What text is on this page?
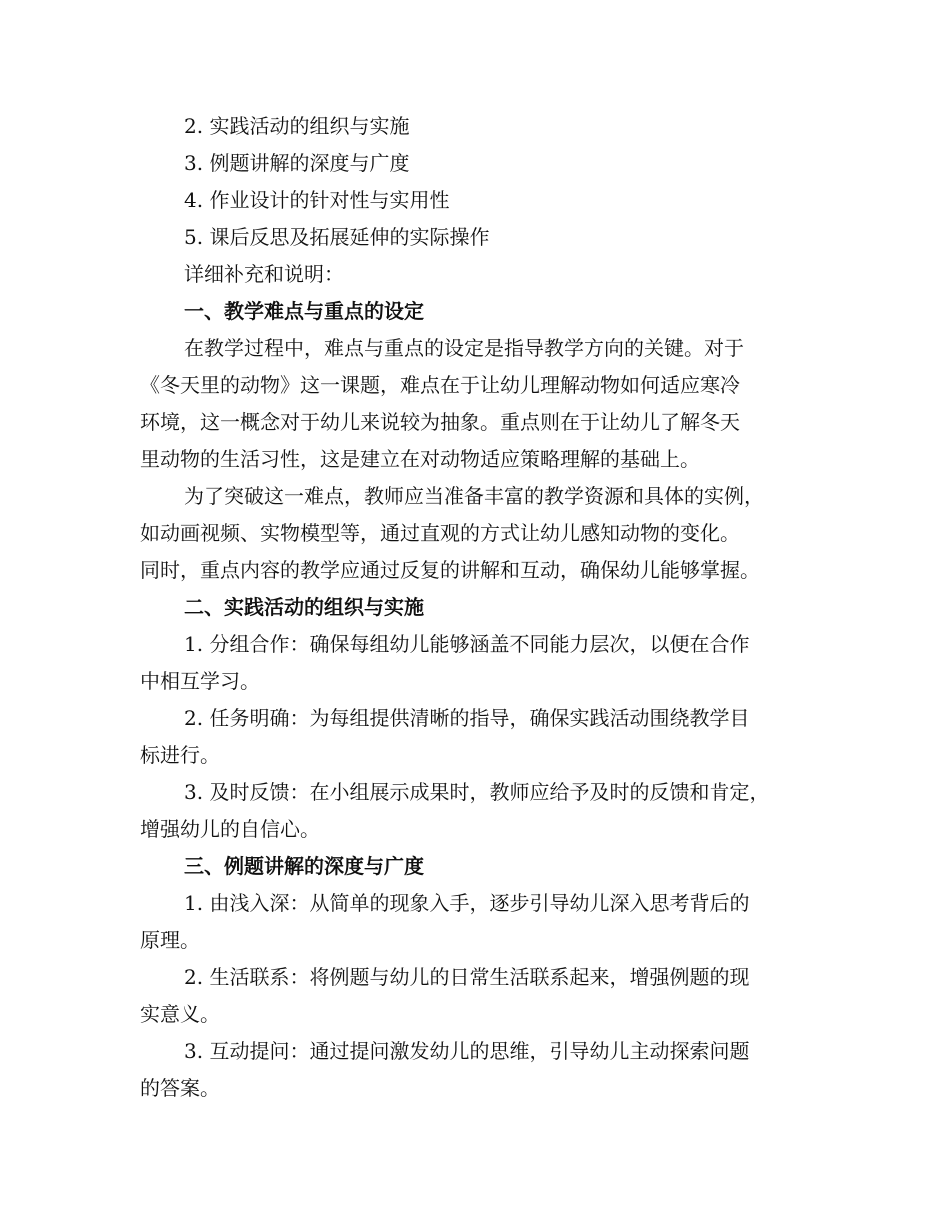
2. 实践活动的组织与实施

3. 例题讲解的深度与广度

4. 作业设计的针对性与实用性

5. 课后反思及拓展延伸的实际操作

详细补充和说明：

一、教学难点与重点的设定

在教学过程中，难点与重点的设定是指导教学方向的关键。对于

《冬天里的动物》这一课题，难点在于让幼儿理解动物如何适应寒冷

环境，这一概念对于幼儿来说较为抽象。重点则在于让幼儿了解冬天

里动物的生活习性，这是建立在对动物适应策略理解的基础上。

为了突破这一难点，教师应当准备丰富的教学资源和具体的实例，

如动画视频、实物模型等，通过直观的方式让幼儿感知动物的变化。

同时，重点内容的教学应通过反复的讲解和互动，确保幼儿能够掌握。

二、实践活动的组织与实施

1. 分组合作：确保每组幼儿能够涵盖不同能力层次，以便在合作

中相互学习。

2. 任务明确：为每组提供清晰的指导，确保实践活动围绕教学目

标进行。

3. 及时反馈：在小组展示成果时，教师应给予及时的反馈和肯定，

增强幼儿的自信心。

三、例题讲解的深度与广度

1. 由浅入深：从简单的现象入手，逐步引导幼儿深入思考背后的

原理。

2. 生活联系：将例题与幼儿的日常生活联系起来，增强例题的现

实意义。

3. 互动提问：通过提问激发幼儿的思维，引导幼儿主动探索问题

的答案。
